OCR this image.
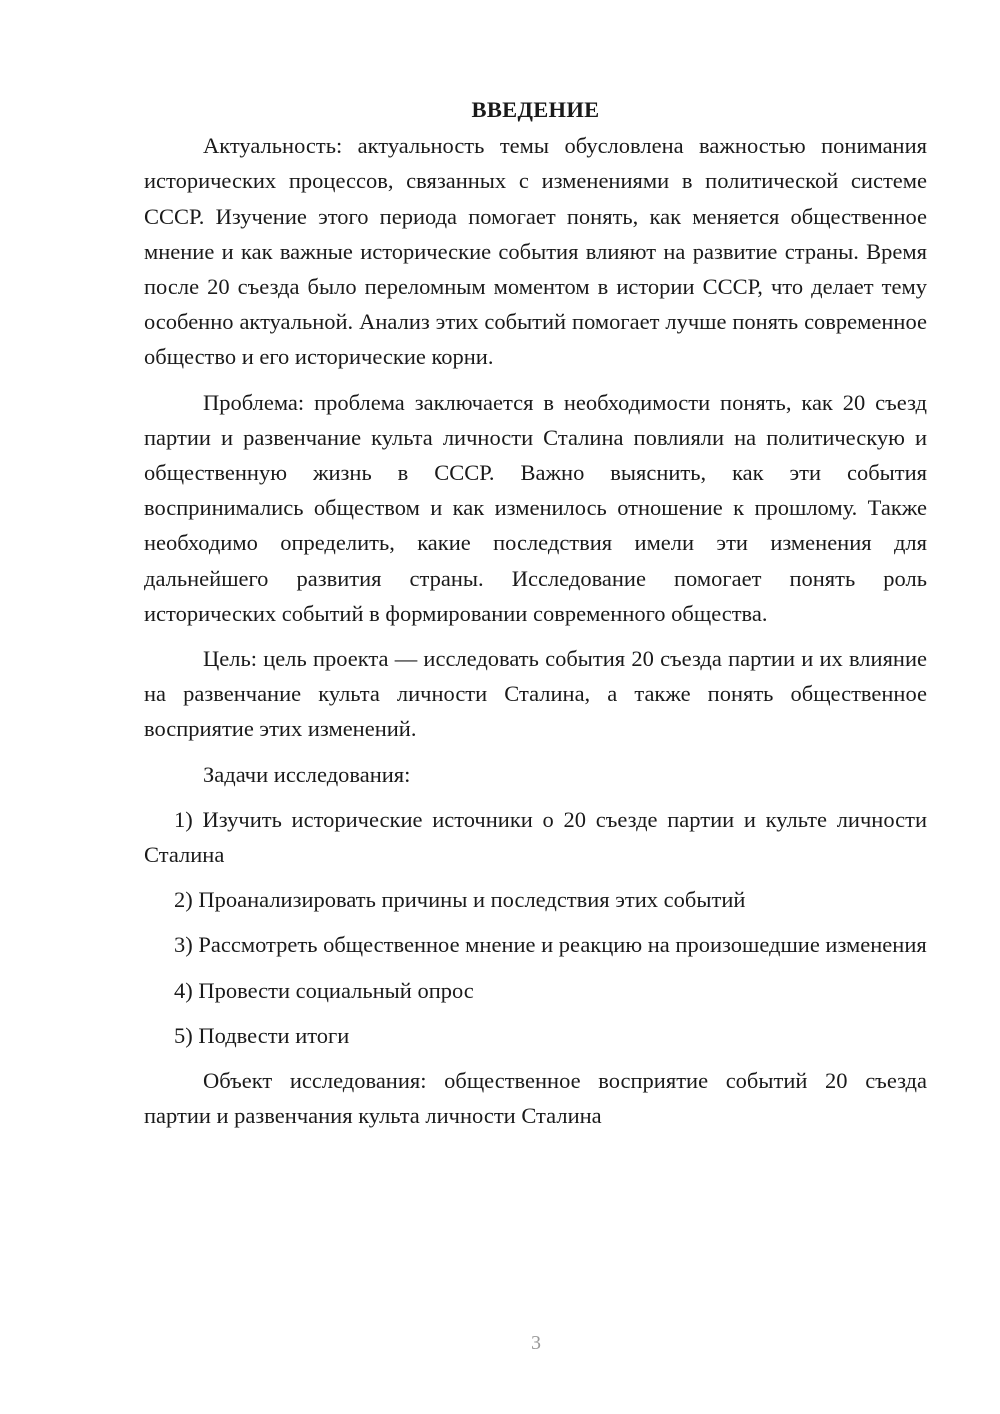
ВВЕДЕНИЕ

Актуальность: актуальность темы обусловлена важностью понимания исторических процессов, связанных с изменениями в политической системе СССР. Изучение этого периода помогает понять, как меняется общественное мнение и как важные исторические события влияют на развитие страны. Время после 20 съезда было переломным моментом в истории СССР, что делает тему особенно актуальной. Анализ этих событий помогает лучше понять современное общество и его исторические корни.

Проблема: проблема заключается в необходимости понять, как 20 съезд партии и развенчание культа личности Сталина повлияли на политическую и общественную жизнь в СССР. Важно выяснить, как эти события воспринимались обществом и как изменилось отношение к прошлому. Также необходимо определить, какие последствия имели эти изменения для дальнейшего развития страны. Исследование помогает понять роль исторических событий в формировании современного общества.

Цель: цель проекта — исследовать события 20 съезда партии и их влияние на развенчание культа личности Сталина, а также понять общественное восприятие этих изменений.

Задачи исследования:

1) Изучить исторические источники о 20 съезде партии и культе личности Сталина

2) Проанализировать причины и последствия этих событий

3) Рассмотреть общественное мнение и реакцию на произошедшие изменения

4) Провести социальный опрос

5) Подвести итоги

Объект исследования: общественное восприятие событий 20 съезда партии и развенчания культа личности Сталина

3
